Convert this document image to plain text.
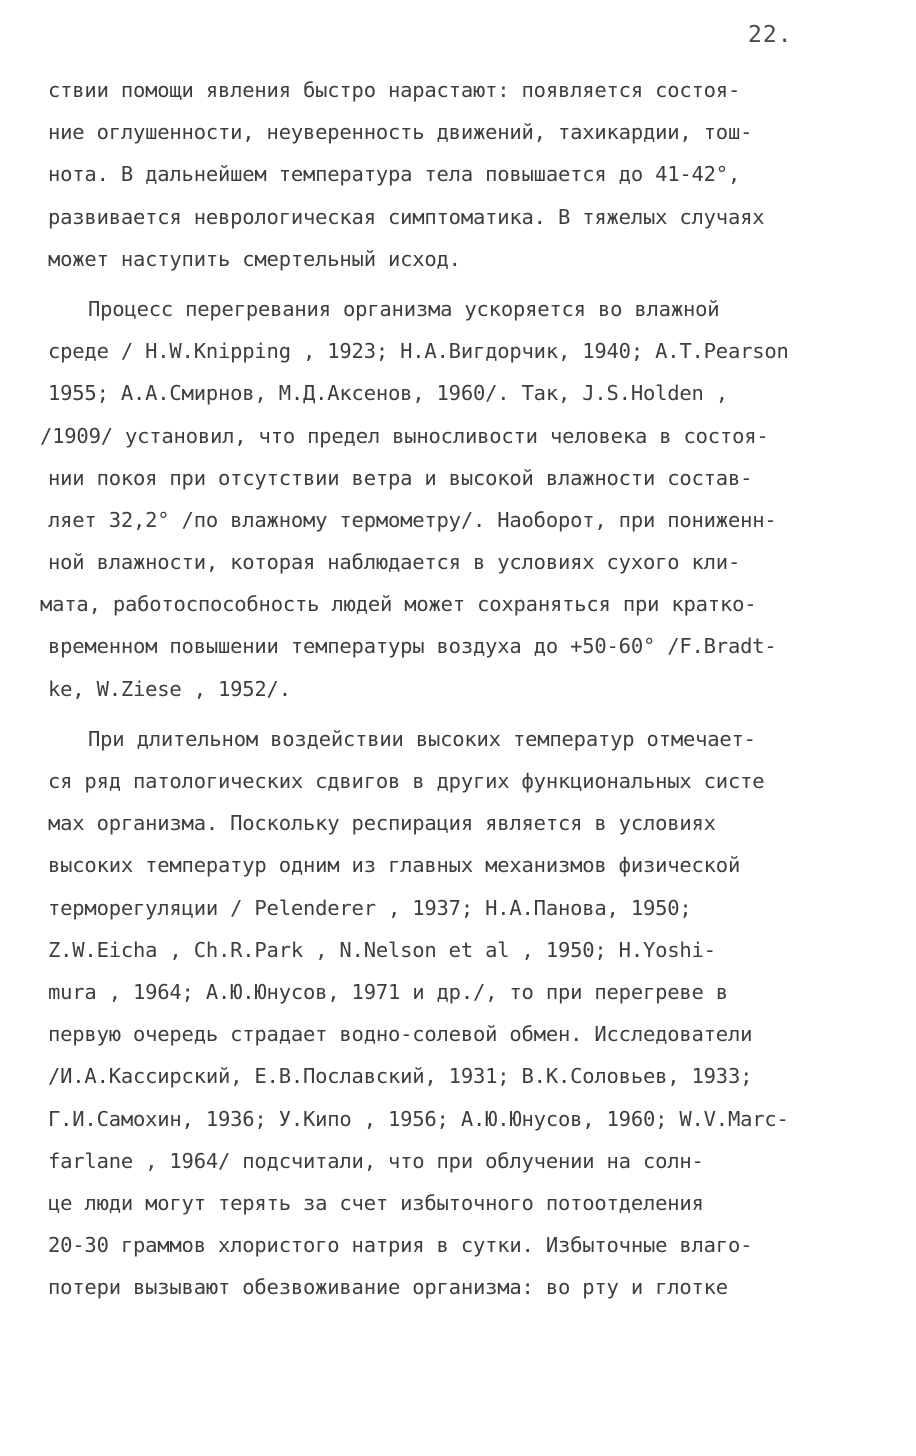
22.
ствии помощи явления быстро нарастают: появляется состоя-
ние оглушенности, неуверенность движений, тахикардии, тош-
нота. В дальнейшем температура тела повышается до 41-42°,
развивается неврологическая симптоматика. В тяжелых случаях
может наступить смертельный исход.
Процесс перегревания организма ускоряется во влажной
среде / H.W.Knipping , 1923; Н.А.Вигдорчик, 1940; A.T.Pearson
1955; А.А.Смирнов, М.Д.Аксенов, 1960/. Так, J.S.Holden ,
/1909/ установил, что предел выносливости человека в состоя-
нии покоя при отсутствии ветра и высокой влажности состав-
ляет 32,2° /по влажному термометру/. Наоборот, при пониженн-
ной влажности, которая наблюдается в условиях сухого кли-
мата, работоспособность людей может сохраняться при кратко-
временном повышении температуры воздуха до +50-60° /F.Bradt-
ke, W.Ziese , 1952/.
При длительном воздействии высоких температур отмечает-
ся ряд патологических сдвигов в других функциональных систе
мах организма. Поскольку респирация является в условиях
высоких температур одним из главных механизмов физической
терморегуляции / Pelenderer , 1937; Н.А.Панова, 1950;
Z.W.Eicha , Ch.R.Park , N.Nelson et al , 1950; H.Yoshi-
mura , 1964; А.Ю.Юнусов, 1971 и др./, то при перегреве в
первую очередь страдает водно-солевой обмен. Исследователи
/И.А.Кассирский, Е.В.Пославский, 1931; В.К.Соловьев, 1933;
Г.И.Самохин, 1936; У.Кипо , 1956; А.Ю.Юнусов, 1960; W.V.Marc-
farlane , 1964/ подсчитали, что при облучении на солн-
це люди могут терять за счет избыточного потоотделения
20-30 граммов хлористого натрия в сутки. Избыточные влаго-
потери вызывают обезвоживание организма: во рту и глотке
